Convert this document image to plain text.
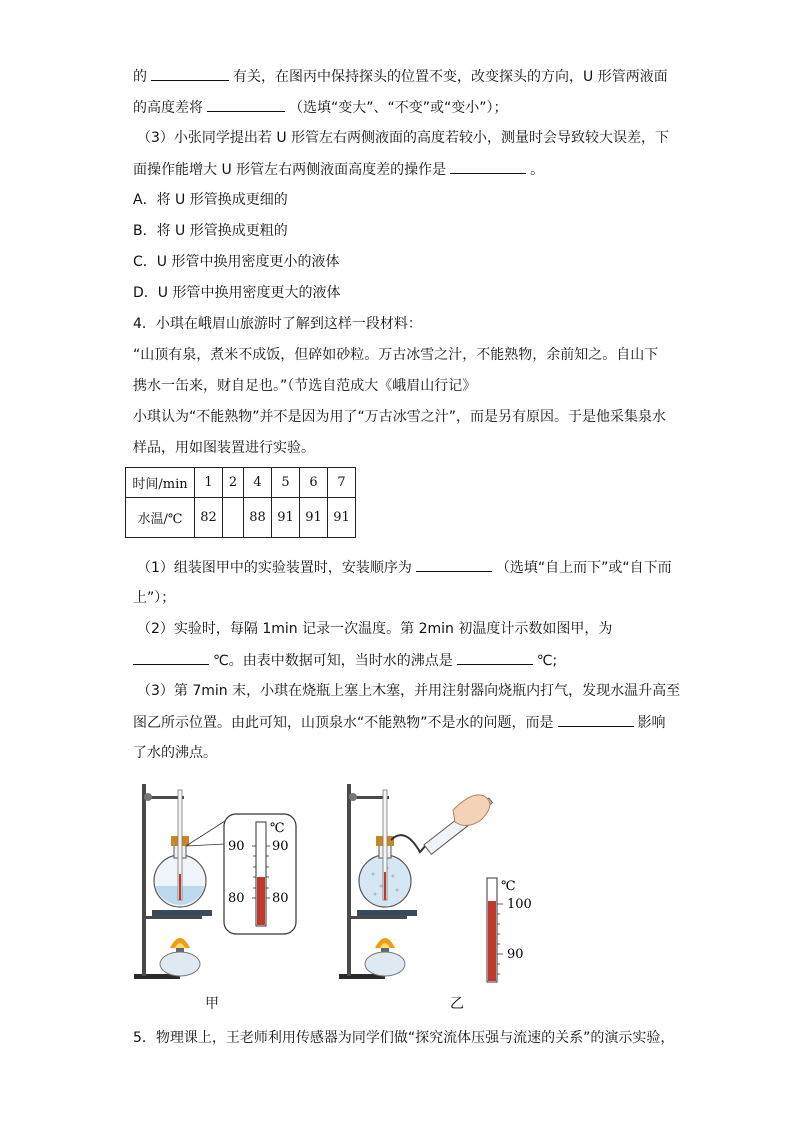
的	有关，在图丙中保持探头的位置不变，改变探头的方向，U 形管两液面
的高度差将	（选填“变大”、“不变”或“变小”）；
（3）小张同学提出若 U 形管左右两侧液面的高度若较小，测量时会导致较大误差，下
面操作能增大 U 形管左右两侧液面高度差的操作是	。
A．将 U 形管换成更细的
B．将 U 形管换成更粗的
C．U 形管中换用密度更小的液体
D．U 形管中换用密度更大的液体
4．小琪在峨眉山旅游时了解到这样一段材料：
“山顶有泉，煮米不成饭，但碎如砂粒。万古冰雪之汁，不能熟物，余前知之。自山下
携水一缶来，财自足也。”（节选自范成大《峨眉山行记》
小琪认为“不能熟物”并不是因为用了“万古冰雪之汁”，而是另有原因。于是他采集泉水
样品，用如图装置进行实验。
时间/min	1	2	4	5	6	7
水温/℃	82		88	91	91	91
（1）组装图甲中的实验装置时，安装顺序为	（选填“自上而下”或“自下而
上”）；
（2）实验时，每隔 1min 记录一次温度。第 2min 初温度计示数如图甲，为
℃。由表中数据可知，当时水的沸点是	℃;
（3）第 7min 末，小琪在烧瓶上塞上木塞，并用注射器向烧瓶内打气，发现水温升高至
图乙所示位置。由此可知，山顶泉水“不能熟物”不是水的问题，而是	影响
了水的沸点。
℃
90 90
80 80
℃
100
90
甲	乙
5．物理课上，王老师利用传感器为同学们做“探究流体压强与流速的关系”的演示实验，
